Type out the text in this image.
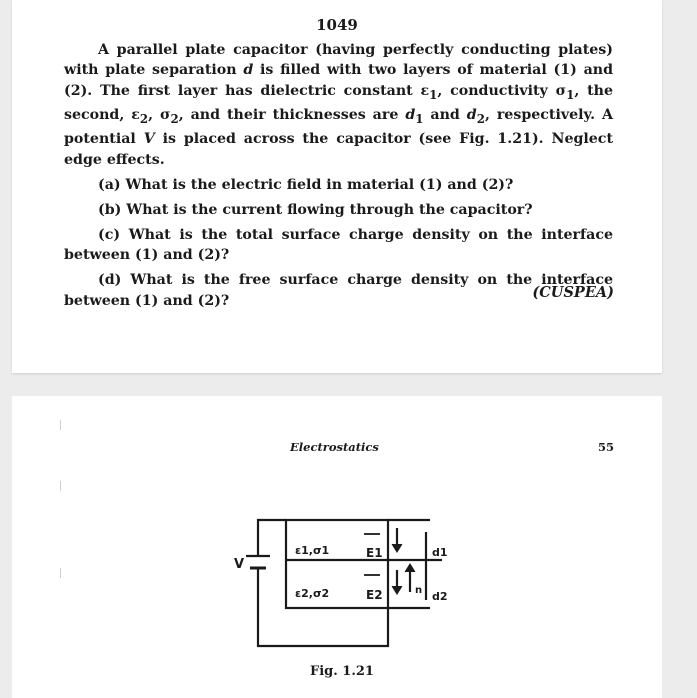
1049

A parallel plate capacitor (having perfectly conducting plates) with plate separation d is filled with two layers of material (1) and (2). The first layer has dielectric constant $\varepsilon_1$, conductivity $\sigma_1$, the second, $\varepsilon_2$, $\sigma_2$, and their thicknesses are $d_1$ and $d_2$, respectively. A potential V is placed across the capacitor (see Fig. 1.21). Neglect edge effects.

(a) What is the electric field in material (1) and (2)?

(b) What is the current flowing through the capacitor?

(c) What is the total surface charge density on the interface between (1) and (2)?

(d) What is the free surface charge density on the interface between (1) and (2)?	(CUSPEA)
Electrostatics	55
V
ε1,σ1
ε2,σ2
E1
E2	n
d1
d2
Fig. 1.21
